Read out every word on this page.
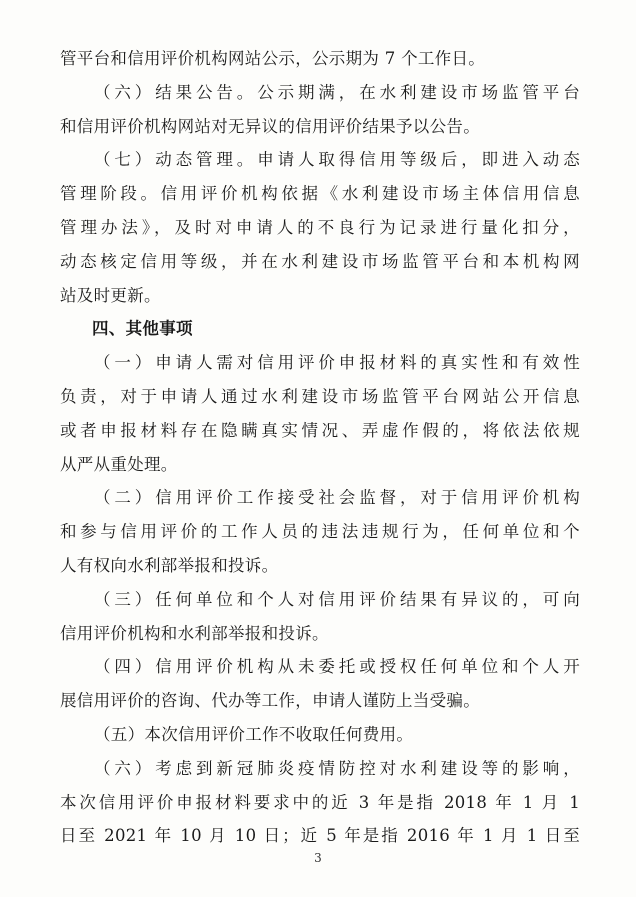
管平台和信用评价机构网站公示，公示期为 7 个工作日。
（六）结果公告。公示期满，在水利建设市场监管平台
和信用评价机构网站对无异议的信用评价结果予以公告。
（七）动态管理。申请人取得信用等级后，即进入动态
管理阶段。信用评价机构依据《水利建设市场主体信用信息
管理办法》，及时对申请人的不良行为记录进行量化扣分，
动态核定信用等级，并在水利建设市场监管平台和本机构网
站及时更新。
四、其他事项
（一）申请人需对信用评价申报材料的真实性和有效性
负责，对于申请人通过水利建设市场监管平台网站公开信息
或者申报材料存在隐瞒真实情况、弄虚作假的，将依法依规
从严从重处理。
（二）信用评价工作接受社会监督，对于信用评价机构
和参与信用评价的工作人员的违法违规行为，任何单位和个
人有权向水利部举报和投诉。
（三）任何单位和个人对信用评价结果有异议的，可向
信用评价机构和水利部举报和投诉。
（四）信用评价机构从未委托或授权任何单位和个人开
展信用评价的咨询、代办等工作，申请人谨防上当受骗。
（五）本次信用评价工作不收取任何费用。
（六）考虑到新冠肺炎疫情防控对水利建设等的影响，
本次信用评价申报材料要求中的近 3 年是指 2018 年 1 月 1
日至 2021 年 10 月 10 日；近 5 年是指 2016 年 1 月 1 日至
3
